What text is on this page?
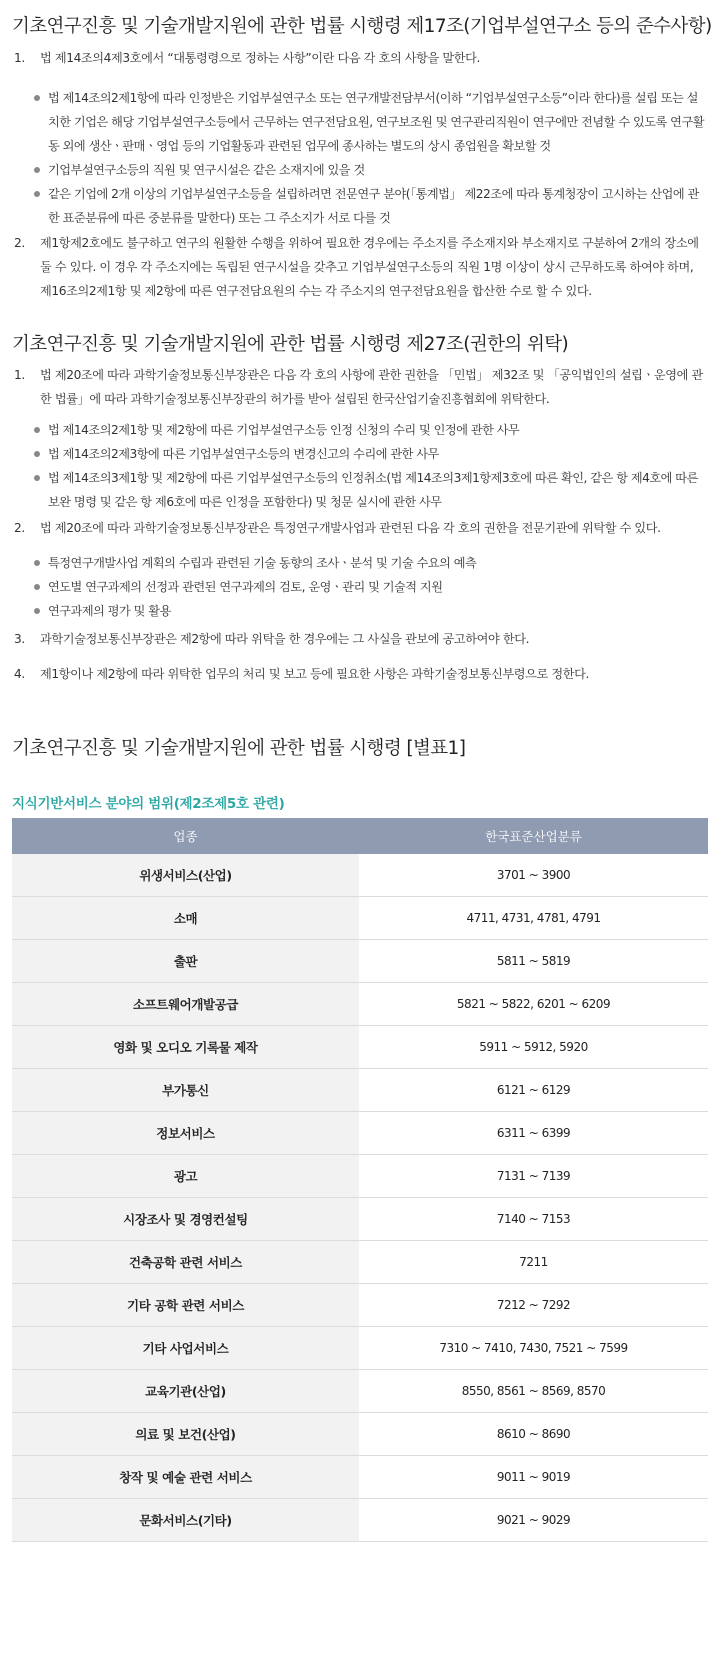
기초연구진흥 및 기술개발지원에 관한 법률 시행령 제17조(기업부설연구소 등의 준수사항)
1.	법 제14조의4제3호에서 “대통령령으로 정하는 사항”이란 다음 각 호의 사항을 말한다.
법 제14조의2제1항에 따라 인정받은 기업부설연구소 또는 연구개발전담부서(이하 “기업부설연구소등”이라 한다)를 설립 또는 설치한 기업은 해당 기업부설연구소등에서 근무하는 연구전담요원, 연구보조원 및 연구관리직원이 연구에만 전념할 수 있도록 연구활동 외에 생산ㆍ판매ㆍ영업 등의 기업활동과 관련된 업무에 종사하는 별도의 상시 종업원을 확보할 것
기업부설연구소등의 직원 및 연구시설은 같은 소재지에 있을 것
같은 기업에 2개 이상의 기업부설연구소등을 설립하려면 전문연구 분야(「통계법」 제22조에 따라 통계청장이 고시하는 산업에 관한 표준분류에 따른 중분류를 말한다) 또는 그 주소지가 서로 다를 것
2.	제1항제2호에도 불구하고 연구의 원활한 수행을 위하여 필요한 경우에는 주소지를 주소재지와 부소재지로 구분하여 2개의 장소에 둘 수 있다. 이 경우 각 주소지에는 독립된 연구시설을 갖추고 기업부설연구소등의 직원 1명 이상이 상시 근무하도록 하여야 하며, 제16조의2제1항 및 제2항에 따른 연구전담요원의 수는 각 주소지의 연구전담요원을 합산한 수로 할 수 있다.
기초연구진흥 및 기술개발지원에 관한 법률 시행령 제27조(권한의 위탁)
1.	법 제20조에 따라 과학기술정보통신부장관은 다음 각 호의 사항에 관한 권한을 「민법」 제32조 및 「공익법인의 설립ㆍ운영에 관한 법률」에 따라 과학기술정보통신부장관의 허가를 받아 설립된 한국산업기술진흥협회에 위탁한다.
법 제14조의2제1항 및 제2항에 따른 기업부설연구소등 인정 신청의 수리 및 인정에 관한 사무
법 제14조의2제3항에 따른 기업부설연구소등의 변경신고의 수리에 관한 사무
법 제14조의3제1항 및 제2항에 따른 기업부설연구소등의 인정취소(법 제14조의3제1항제3호에 따른 확인, 같은 항 제4호에 따른 보완 명령 및 같은 항 제6호에 따른 인정을 포함한다) 및 청문 실시에 관한 사무
2.	법 제20조에 따라 과학기술정보통신부장관은 특정연구개발사업과 관련된 다음 각 호의 권한을 전문기관에 위탁할 수 있다.
특정연구개발사업 계획의 수립과 관련된 기술 동향의 조사ㆍ분석 및 기술 수요의 예측
연도별 연구과제의 선정과 관련된 연구과제의 검토, 운영ㆍ관리 및 기술적 지원
연구과제의 평가 및 활용
3.	과학기술정보통신부장관은 제2항에 따라 위탁을 한 경우에는 그 사실을 관보에 공고하여야 한다.
4.	제1항이나 제2항에 따라 위탁한 업무의 처리 및 보고 등에 필요한 사항은 과학기술정보통신부령으로 정한다.
기초연구진흥 및 기술개발지원에 관한 법률 시행령 [별표1]
지식기반서비스 분야의 범위(제2조제5호 관련)
업종	한국표준산업분류
위생서비스(산업)	3701 ~ 3900
소매	4711, 4731, 4781, 4791
출판	5811 ~ 5819
소프트웨어개발공급	5821 ~ 5822, 6201 ~ 6209
영화 및 오디오 기록물 제작	5911 ~ 5912, 5920
부가통신	6121 ~ 6129
정보서비스	6311 ~ 6399
광고	7131 ~ 7139
시장조사 및 경영컨설팅	7140 ~ 7153
건축공학 관련 서비스	7211
기타 공학 관련 서비스	7212 ~ 7292
기타 사업서비스	7310 ~ 7410, 7430, 7521 ~ 7599
교육기관(산업)	8550, 8561 ~ 8569, 8570
의료 및 보건(산업)	8610 ~ 8690
창작 및 예술 관련 서비스	9011 ~ 9019
문화서비스(기타)	9021 ~ 9029
